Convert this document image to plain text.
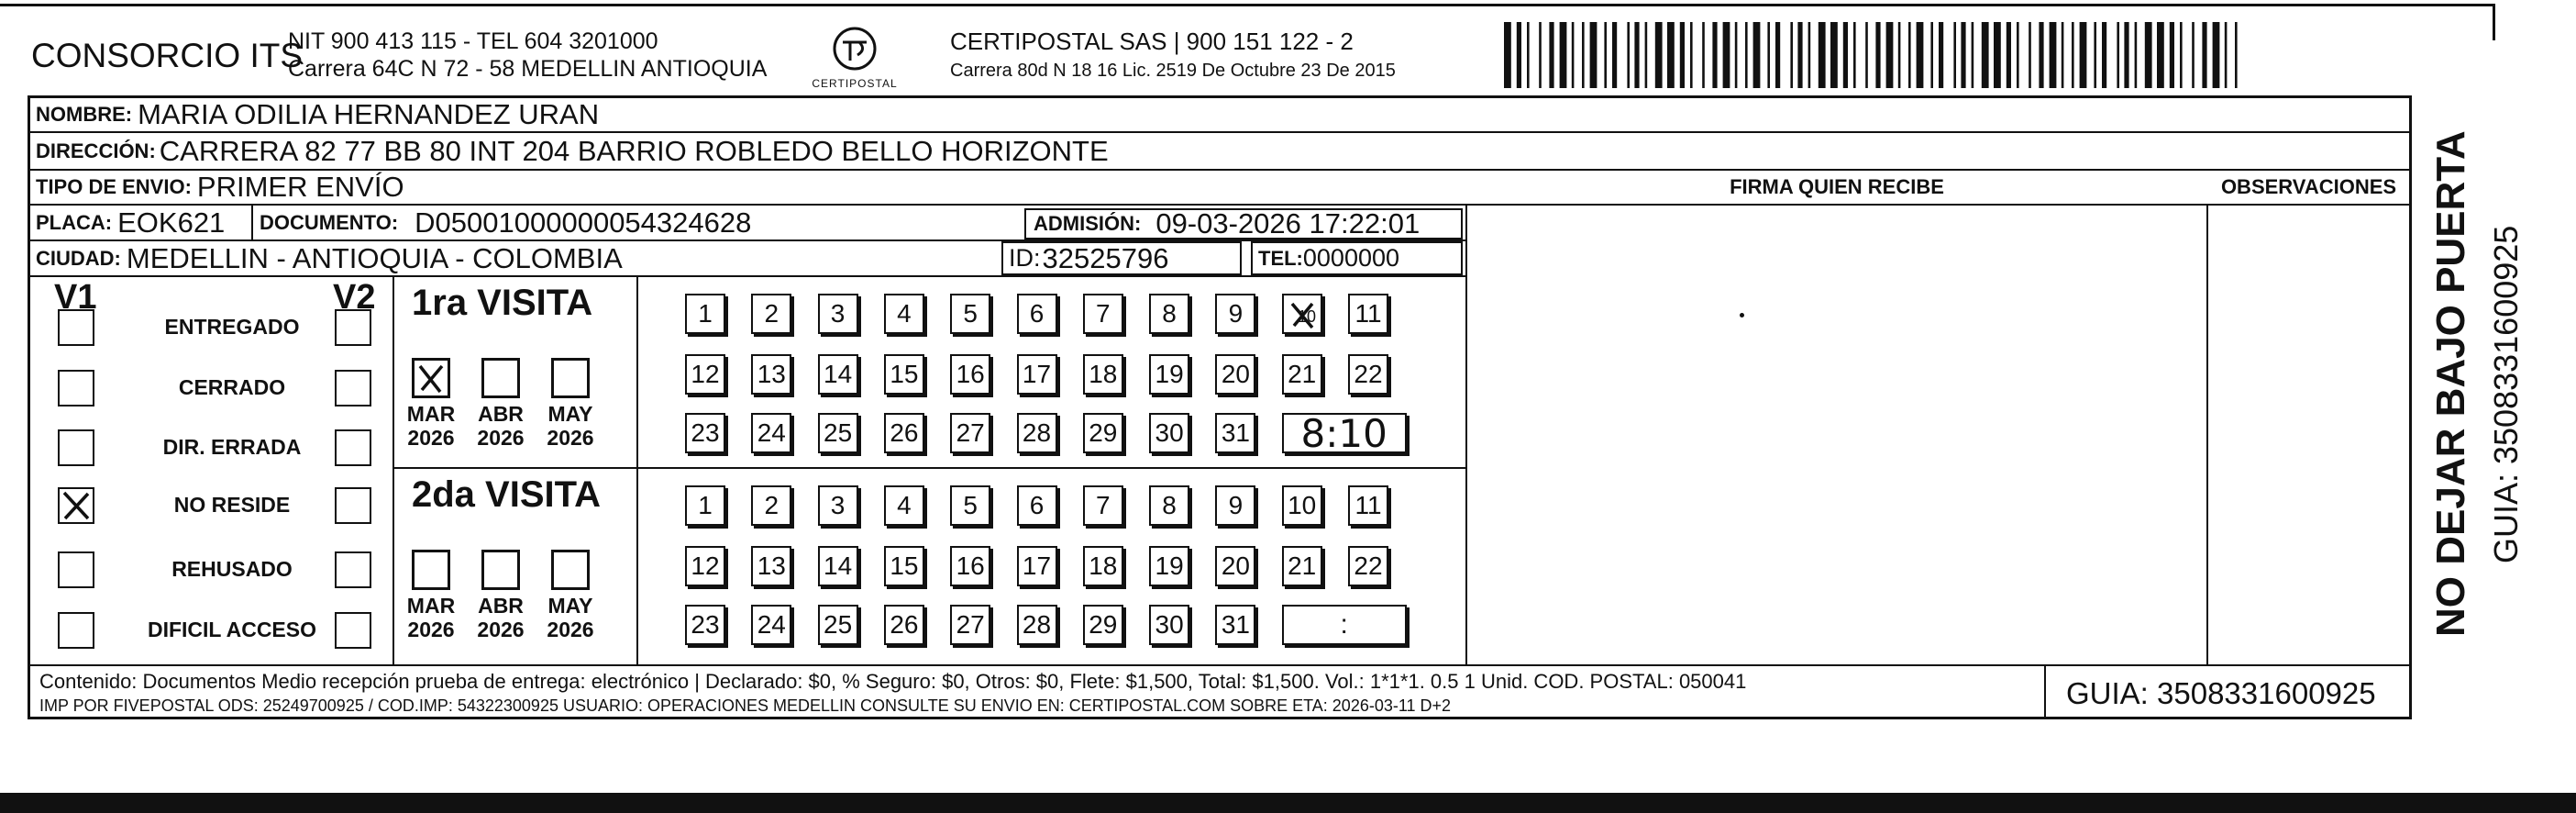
CONSORCIO ITS
NIT 900 413 115 - TEL 604 3201000
Carrera 64C N 72 - 58 MEDELLIN ANTIOQUIA
CERTIPOSTAL
CERTIPOSTAL SAS | 900 151 122 - 2
Carrera 80d N 18 16 Lic. 2519 De Octubre 23 De 2015
NOMBRE: MARIA ODILIA HERNANDEZ URAN
DIRECCIÓN: CARRERA 82 77 BB 80 INT 204 BARRIO ROBLEDO BELLO HORIZONTE
TIPO DE ENVIO: PRIMER ENVÍO	FIRMA QUIEN RECIBE	OBSERVACIONES
PLACA: EOK621 DOCUMENTO: D05001000000054324628	ADMISIÓN: 09-03-2026 17:22:01
CIUDAD: MEDELLIN - ANTIOQUIA - COLOMBIA	ID: 32525796	TEL: 0000000
V1	V2
ENTREGADO
CERRADO
DIR. ERRADA
NO RESIDE
REHUSADO
DIFICIL ACCESO
1ra VISITA
MAR
2026
ABR
2026
MAY
2026
1 2 3 4 5 6 7 8 9	10 11
12 13 14 15 16 17 18 19 20 21 22
23 24 25 26 27 28 29 30 31 8:10
2da VISITA
MAR
2026
ABR
2026
MAY
2026
1 2 3 4 5 6 7 8 9 10 11
12 13 14 15 16 17 18 19 20 21 22
23 24 25 26 27 28 29 30 31	:
Contenido: Documentos Medio recepción prueba de entrega: electrónico | Declarado: $0, % Seguro: $0, Otros: $0, Flete: $1,500, Total: $1,500. Vol.: 1*1*1. 0.5 1 Unid. COD. POSTAL: 050041
IMP POR FIVEPOSTAL ODS: 25249700925 / COD.IMP: 54322300925 USUARIO: OPERACIONES MEDELLIN CONSULTE SU ENVIO EN: CERTIPOSTAL.COM SOBRE ETA: 2026-03-11 D+2	GUIA: 3508331600925
NO DEJAR BAJO PUERTA GUIA: 3508331600925
